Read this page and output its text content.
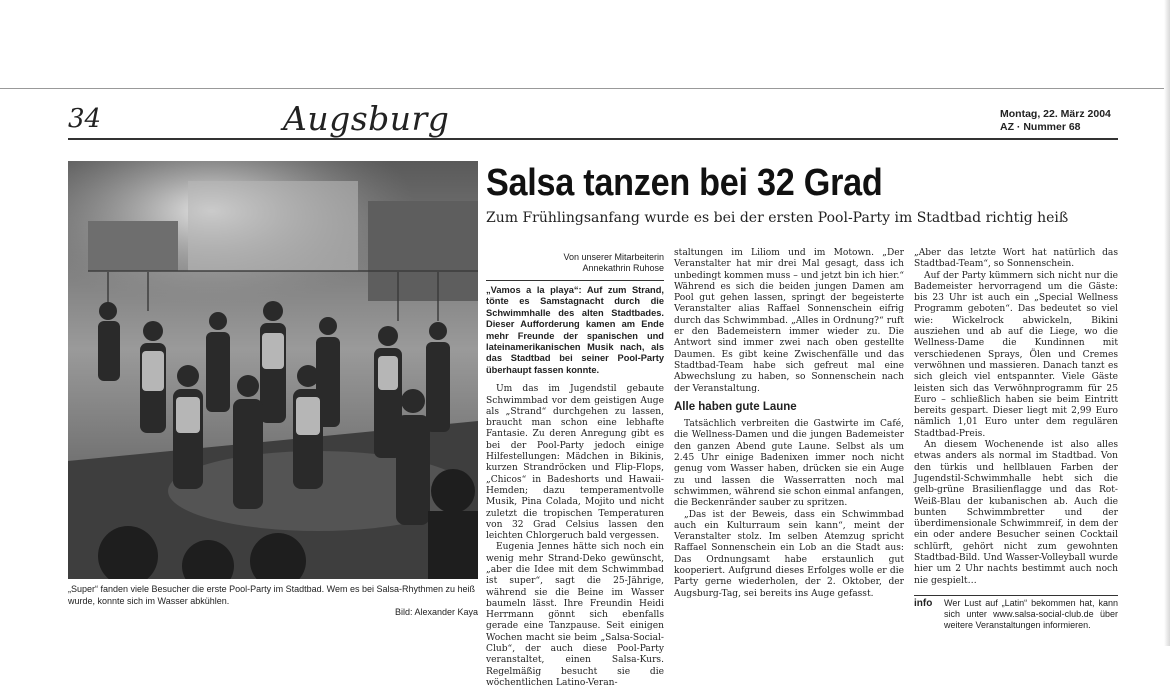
34	Augsburg	Montag, 22. März 2004
AZ · Nummer 68
„Super“ fanden viele Besucher die erste Pool-Party im Stadtbad. Wem es bei Salsa-Rhythmen zu heiß wurde, konnte sich im Wasser abkühlen.
Bild: Alexander Kaya
Salsa tanzen bei 32 Grad
Zum Frühlingsanfang wurde es bei der ersten Pool-Party im Stadtbad richtig heiß
Von unserer Mitarbeiterin
Annekathrin Ruhose
„Vamos a la playa“: Auf zum Strand, tönte es Samstagnacht durch die Schwimmhalle des alten Stadtbades. Dieser Aufforderung kamen am Ende mehr Freunde der spanischen und lateinamerikanischen Musik nach, als das Stadtbad bei seiner Pool-Party überhaupt fassen konnte.

Um das im Jugendstil gebaute Schwimmbad vor dem geistigen Auge als „Strand“ durchgehen zu lassen, braucht man schon eine lebhafte Fantasie. Zu deren Anregung gibt es bei der Pool-Party jedoch einige Hilfestellungen: Mädchen in Bikinis, kurzen Strandröcken und Flip-Flops, „Chicos“ in Badeshorts und Hawaii-Hemden; dazu temperamentvolle Musik, Pina Colada, Mojito und nicht zuletzt die tropischen Temperaturen von 32 Grad Celsius lassen den leichten Chlorgeruch bald vergessen.

Eugenia Jennes hätte sich noch ein wenig mehr Strand-Deko gewünscht, „aber die Idee mit dem Schwimmbad ist super“, sagt die 25-Jährige, während sie die Beine im Wasser baumeln lässt. Ihre Freundin Heidi Herrmann gönnt sich ebenfalls gerade eine Tanzpause. Seit einigen Wochen macht sie beim „Salsa-Social-Club“, der auch diese Pool-Party veranstaltet, einen Salsa-Kurs. Regelmäßig besucht sie die wöchentlichen Latino-Veran-

staltungen im Liliom und im Motown. „Der Veranstalter hat mir drei Mal gesagt, dass ich unbedingt kommen muss – und jetzt bin ich hier.“ Während es sich die beiden jungen Damen am Pool gut gehen lassen, springt der begeisterte Veranstalter alias Raffael Sonnenschein eifrig durch das Schwimmbad. „Alles in Ordnung?“ ruft er den Bademeistern immer wieder zu. Die Antwort sind immer zwei nach oben gestellte Daumen. Es gibt keine Zwischenfälle und das Stadtbad-Team habe sich gefreut mal eine Abwechslung zu haben, so Sonnenschein nach der Veranstaltung.

Alle haben gute Laune

Tatsächlich verbreiten die Gastwirte im Café, die Wellness-Damen und die jungen Bademeister den ganzen Abend gute Laune. Selbst als um 2.45 Uhr einige Badenixen immer noch nicht genug vom Wasser haben, drücken sie ein Auge zu und lassen die Wasserratten noch mal schwimmen, während sie schon einmal anfangen, die Beckenränder sauber zu spritzen.

„Das ist der Beweis, dass ein Schwimmbad auch ein Kulturraum sein kann“, meint der Veranstalter stolz. Im selben Atemzug spricht Raffael Sonnenschein ein Lob an die Stadt aus: Das Ordnungsamt habe erstaunlich gut kooperiert. Aufgrund dieses Erfolges wolle er die Party gerne wiederholen, der 2. Oktober, der Augsburg-Tag, sei bereits ins Auge gefasst.

„Aber das letzte Wort hat natürlich das Stadtbad-Team“, so Sonnenschein.

Auf der Party kümmern sich nicht nur die Bademeister hervorragend um die Gäste: bis 23 Uhr ist auch ein „Special Wellness Programm geboten“. Das bedeutet so viel wie: Wickelrock abwickeln, Bikini ausziehen und ab auf die Liege, wo die Wellness-Dame die Kundinnen mit verschiedenen Sprays, Ölen und Cremes verwöhnen und massieren. Danach tanzt es sich gleich viel entspannter. Viele Gäste leisten sich das Verwöhnprogramm für 25 Euro – schließlich haben sie beim Eintritt bereits gespart. Dieser liegt mit 2,99 Euro nämlich 1,01 Euro unter dem regulären Stadtbad-Preis.

An diesem Wochenende ist also alles etwas anders als normal im Stadtbad. Von den türkis und hellblauen Farben der Jugendstil-Schwimmhalle hebt sich die gelb-grüne Brasilienflagge und das Rot-Weiß-Blau der kubanischen ab. Auch die bunten Schwimmbretter und der überdimensionale Schwimmreif, in dem der ein oder andere Besucher seinen Cocktail schlürft, gehört nicht zum gewohnten Stadtbad-Bild. Und Wasser-Volleyball wurde hier um 2 Uhr nachts bestimmt auch noch nie gespielt…

info	Wer Lust auf „Latin“ bekommen hat, kann sich unter www.salsa-social-club.de über weitere Veranstaltungen informieren.
